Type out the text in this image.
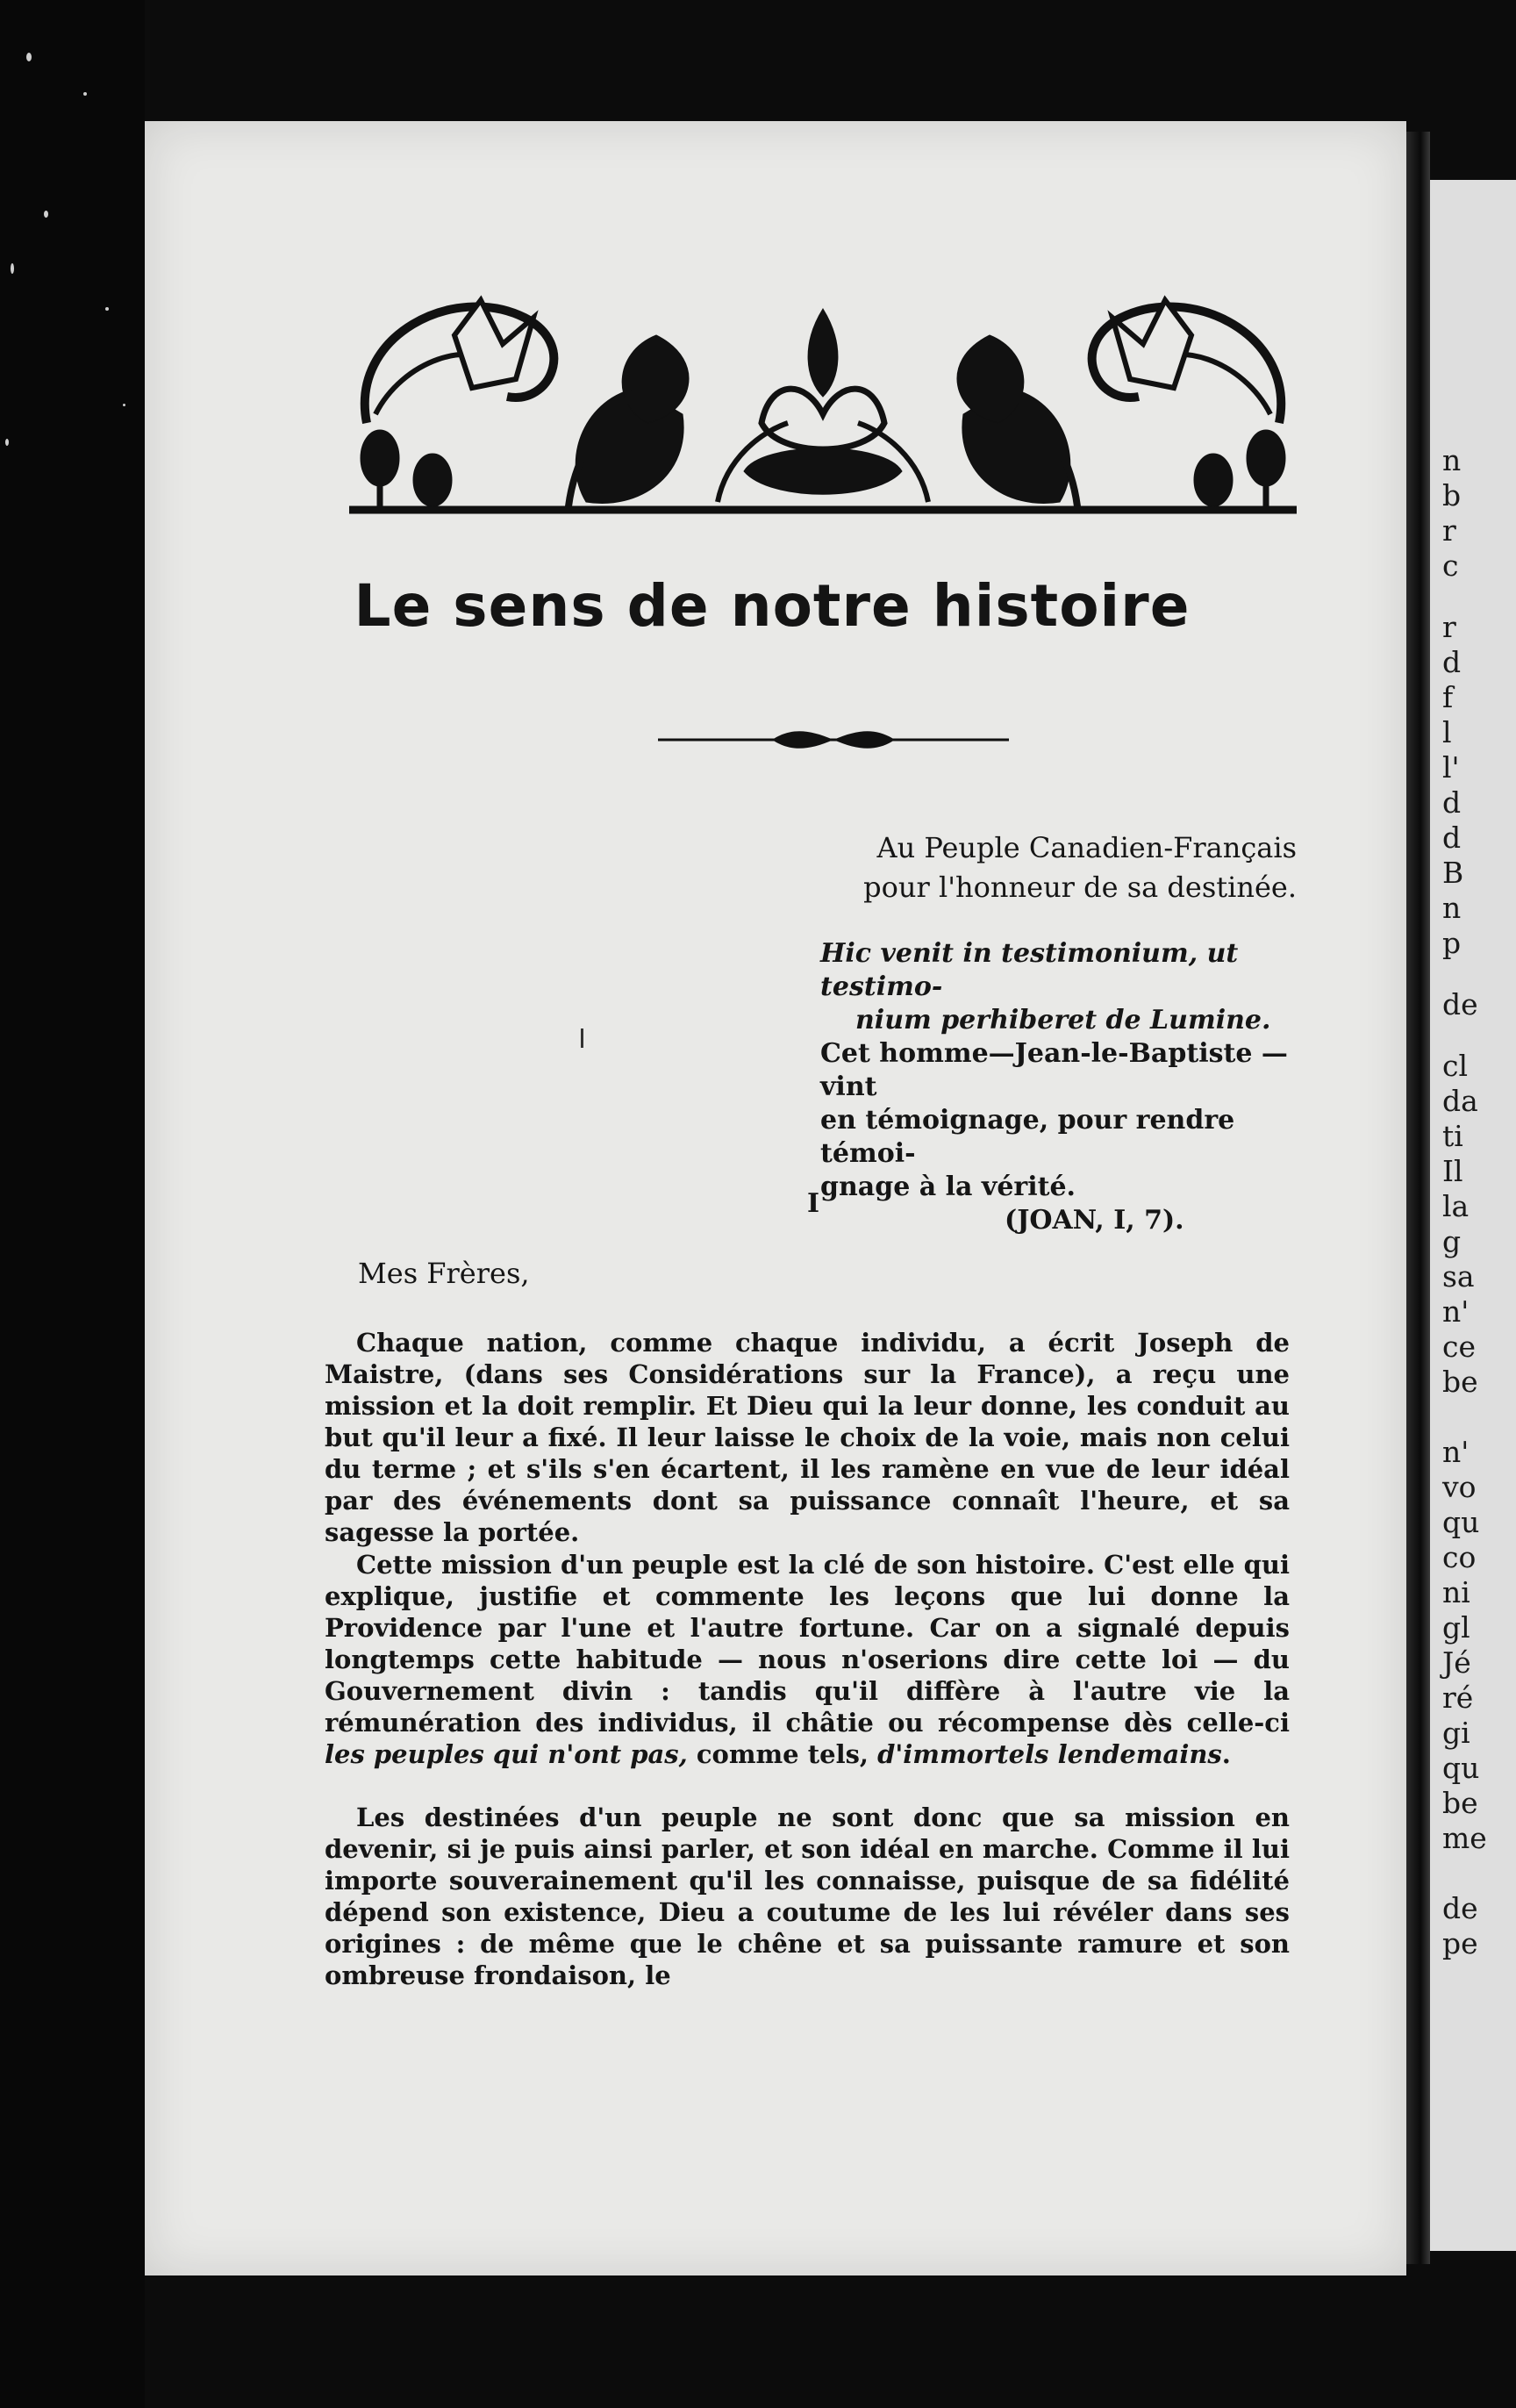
n
b
r
c
r
d
f
l
l'
d
d
B
n
p
de
cl
da
ti
Il
la
g
sa
n'
ce
be
n'
vo
qu
co
ni
gl
Jé
ré
gi
qu
be
me
de
pe
Le sens de notre histoire
Au Peuple Canadien-Français
pour l'honneur de sa destinée.
Hic venit in testimonium, ut testimo-
nium perhiberet de Lumine.
Cet homme—Jean-le-Baptiste — vint
en témoignage, pour rendre témoi-
gnage à la vérité.
(JOAN, I, 7).
I
Mes Frères,
Chaque nation, comme chaque individu, a écrit Joseph de Maistre, (dans ses Considérations sur la France), a reçu une mission et la doit remplir. Et Dieu qui la leur donne, les conduit au but qu'il leur a fixé. Il leur laisse le choix de la voie, mais non celui du terme ; et s'ils s'en écartent, il les ramène en vue de leur idéal par des événements dont sa puissance connaît l'heure, et sa sagesse la portée.
Cette mission d'un peuple est la clé de son histoire. C'est elle qui explique, justifie et commente les leçons que lui donne la Providence par l'une et l'autre fortune. Car on a signalé depuis longtemps cette habitude — nous n'oserions dire cette loi — du Gouvernement divin : tandis qu'il diffère à l'autre vie la rémunération des individus, il châtie ou récompense dès celle-ci les peuples qui n'ont pas, comme tels, d'immortels lendemains.
Les destinées d'un peuple ne sont donc que sa mission en devenir, si je puis ainsi parler, et son idéal en marche. Comme il lui importe souverainement qu'il les connaisse, puisque de sa fidélité dépend son existence, Dieu a coutume de les lui révéler dans ses origines : de même que le chêne et sa puissante ramure et son ombreuse frondaison, le
